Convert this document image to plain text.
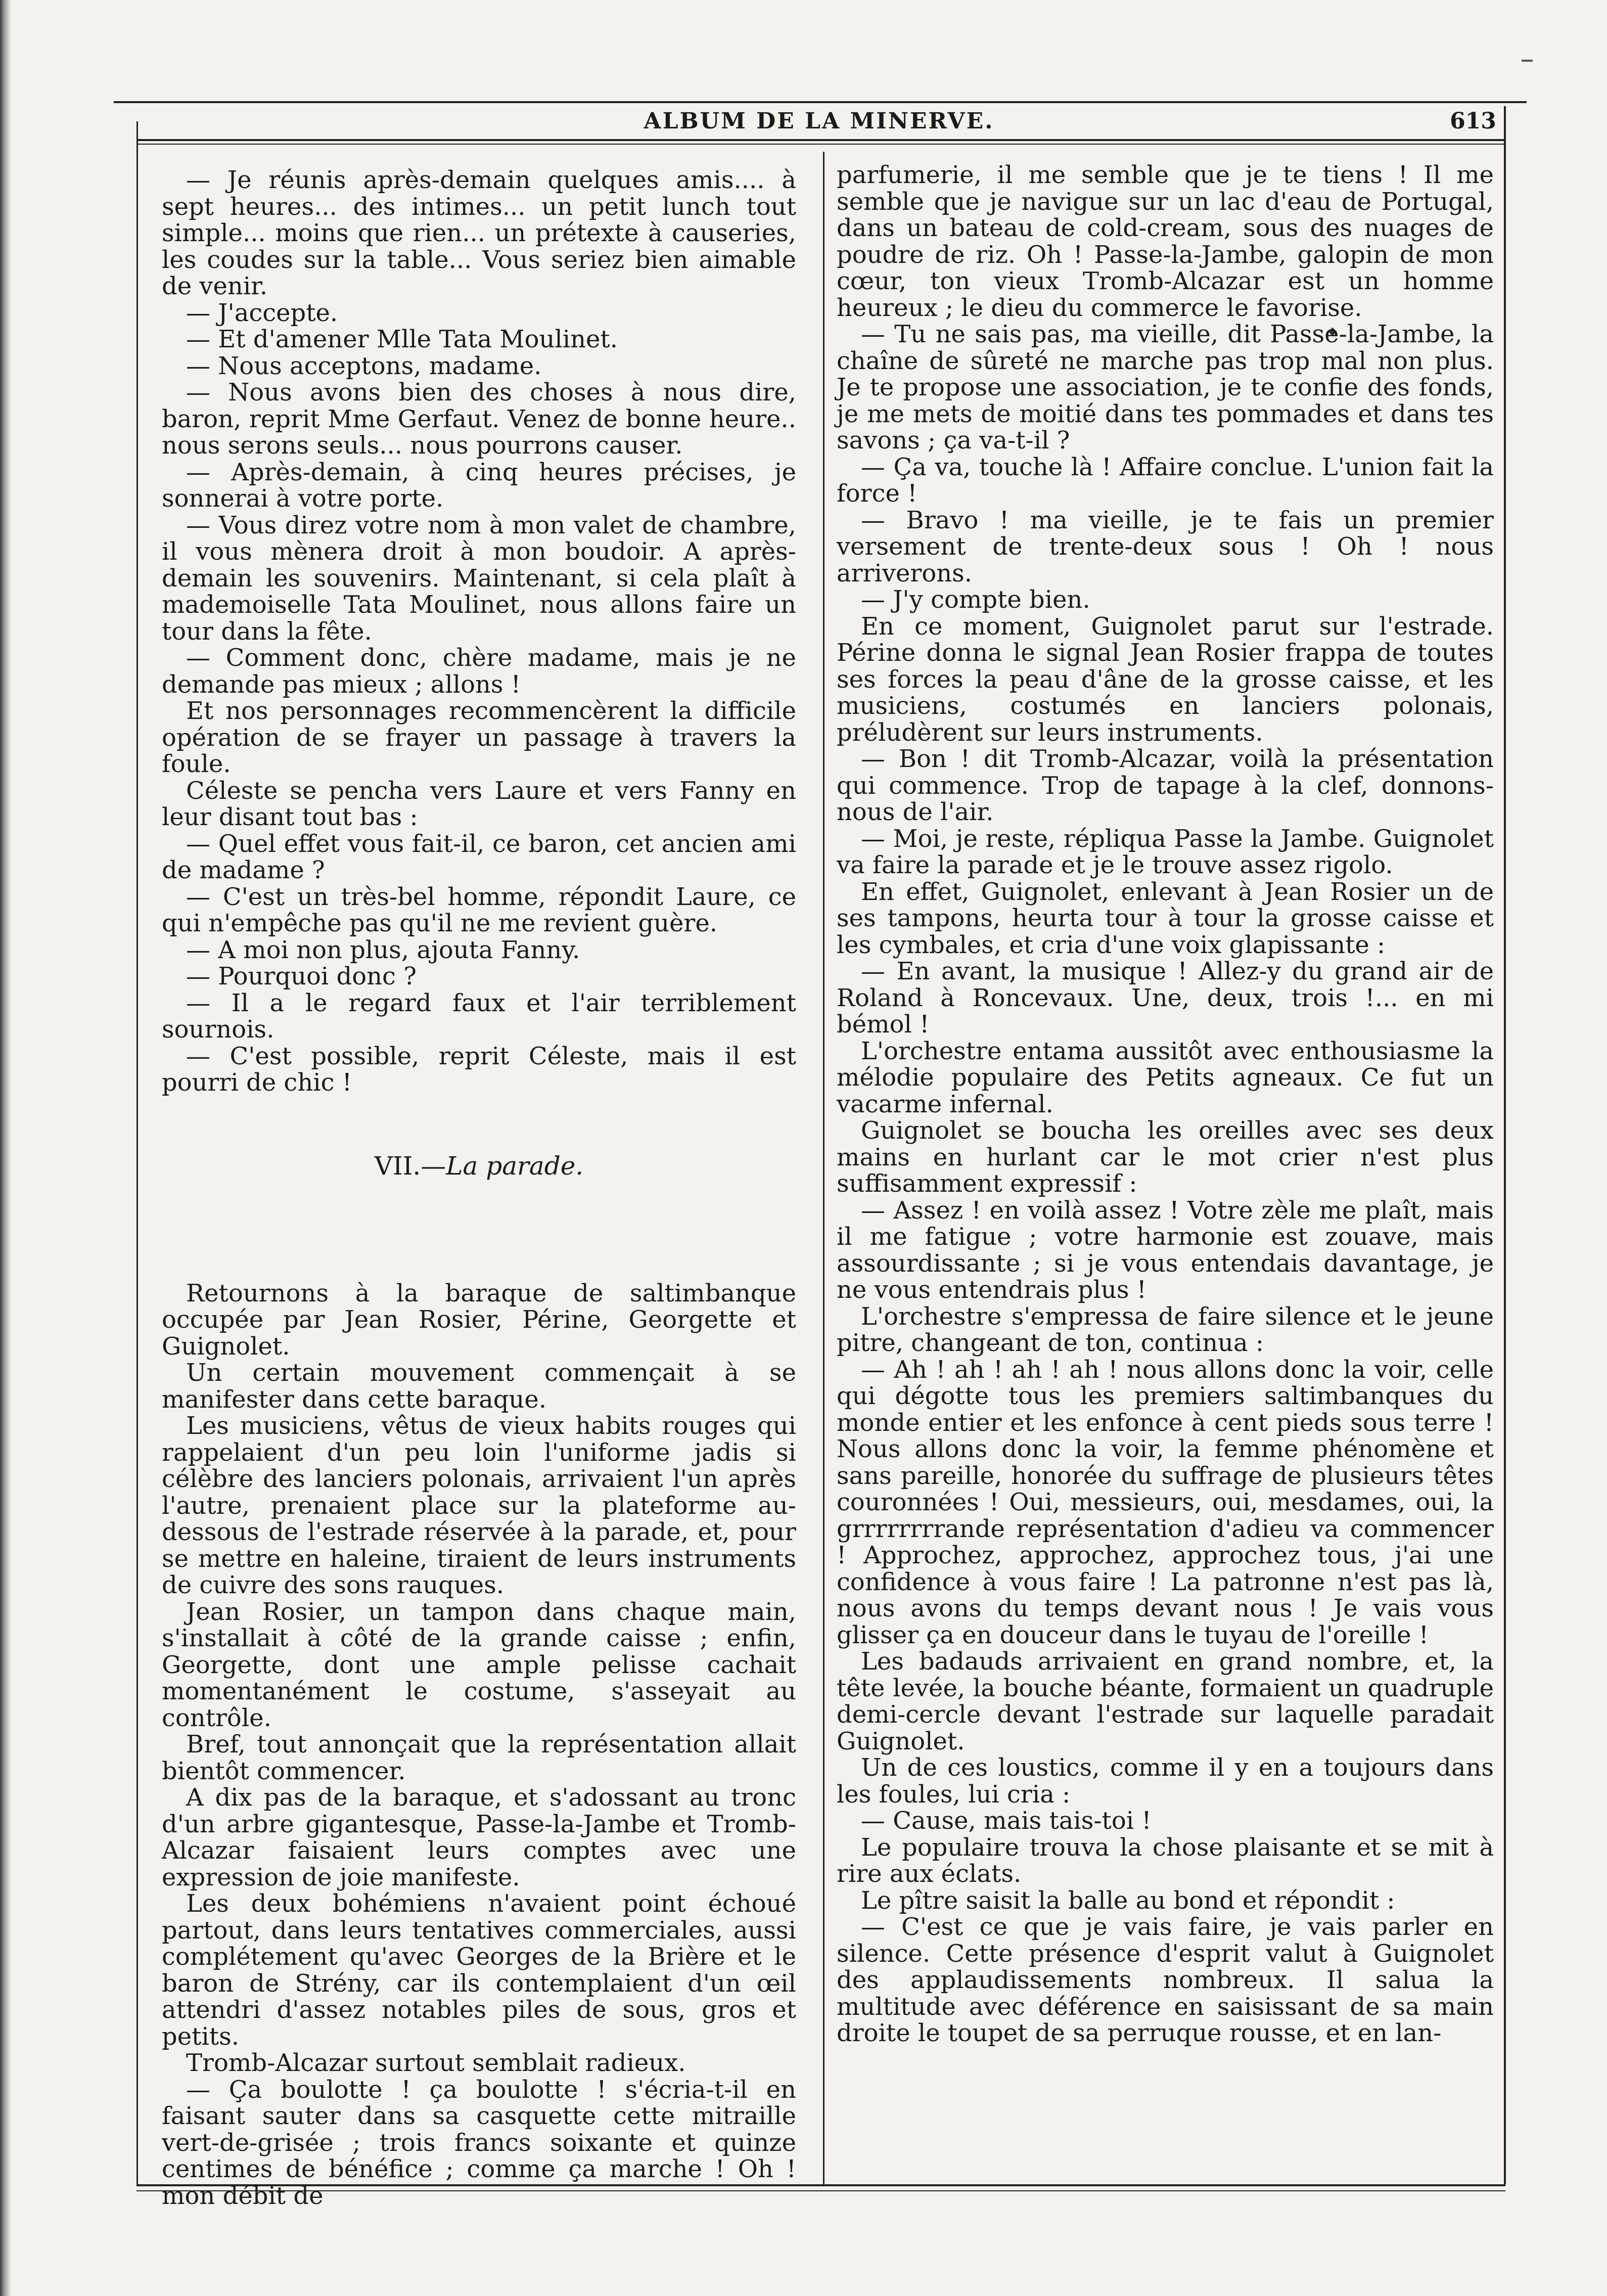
ALBUM DE LA MINERVE.	613

— Je réunis après-demain quelques amis.... à sept heures... des intimes... un petit lunch tout simple... moins que rien... un prétexte à causeries, les coudes sur la table... Vous seriez bien aimable de venir.

— J'accepte.

— Et d'amener Mlle Tata Moulinet.

— Nous acceptons, madame.

— Nous avons bien des choses à nous dire, baron, reprit Mme Gerfaut. Venez de bonne heure.. nous serons seuls... nous pourrons causer.

— Après-demain, à cinq heures précises, je sonnerai à votre porte.

— Vous direz votre nom à mon valet de chambre, il vous mènera droit à mon boudoir. A après-demain les souvenirs. Maintenant, si cela plaît à mademoiselle Tata Moulinet, nous allons faire un tour dans la fête.

— Comment donc, chère madame, mais je ne demande pas mieux ; allons !

Et nos personnages recommencèrent la difficile opération de se frayer un passage à travers la foule.

Céleste se pencha vers Laure et vers Fanny en leur disant tout bas :

— Quel effet vous fait-il, ce baron, cet ancien ami de madame ?

— C'est un très-bel homme, répondit Laure, ce qui n'empêche pas qu'il ne me revient guère.

— A moi non plus, ajouta Fanny.

— Pourquoi donc ?

— Il a le regard faux et l'air terriblement sournois.

— C'est possible, reprit Céleste, mais il est pourri de chic !

VII.—La parade.

Retournons à la baraque de saltimbanque occupée par Jean Rosier, Périne, Georgette et Guignolet.

Un certain mouvement commençait à se manifester dans cette baraque.

Les musiciens, vêtus de vieux habits rouges qui rappelaient d'un peu loin l'uniforme jadis si célèbre des lanciers polonais, arrivaient l'un après l'autre, prenaient place sur la plateforme au-dessous de l'estrade réservée à la parade, et, pour se mettre en haleine, tiraient de leurs instruments de cuivre des sons rauques.

Jean Rosier, un tampon dans chaque main, s'installait à côté de la grande caisse ; enfin, Georgette, dont une ample pelisse cachait momentanément le costume, s'asseyait au contrôle.

Bref, tout annonçait que la représentation allait bientôt commencer.

A dix pas de la baraque, et s'adossant au tronc d'un arbre gigantesque, Passe-la-Jambe et Tromb-Alcazar faisaient leurs comptes avec une expression de joie manifeste.

Les deux bohémiens n'avaient point échoué partout, dans leurs tentatives commerciales, aussi complétement qu'avec Georges de la Brière et le baron de Strény, car ils contemplaient d'un œil attendri d'assez notables piles de sous, gros et petits.

Tromb-Alcazar surtout semblait radieux.

— Ça boulotte ! ça boulotte ! s'écria-t-il en faisant sauter dans sa casquette cette mitraille vert-de-grisée ; trois francs soixante et quinze centimes de bénéfice ; comme ça marche ! Oh ! mon débit de

parfumerie, il me semble que je te tiens ! Il me semble que je navigue sur un lac d'eau de Portugal, dans un bateau de cold-cream, sous des nuages de poudre de riz. Oh ! Passe-la-Jambe, galopin de mon cœur, ton vieux Tromb-Alcazar est un homme heureux ; le dieu du commerce le favorise.

— Tu ne sais pas, ma vieille, dit Passe-la-Jambe, la chaîne de sûreté ne marche pas trop mal non plus. Je te propose une association, je te confie des fonds, je me mets de moitié dans tes pommades et dans tes savons ; ça va-t-il ?

— Ça va, touche là ! Affaire conclue. L'union fait la force !

— Bravo ! ma vieille, je te fais un premier versement de trente-deux sous ! Oh ! nous arriverons.

— J'y compte bien.

En ce moment, Guignolet parut sur l'estrade. Périne donna le signal Jean Rosier frappa de toutes ses forces la peau d'âne de la grosse caisse, et les musiciens, costumés en lanciers polonais, préludèrent sur leurs instruments.

— Bon ! dit Tromb-Alcazar, voilà la présentation qui commence. Trop de tapage à la clef, donnons-nous de l'air.

— Moi, je reste, répliqua Passe la Jambe. Guignolet va faire la parade et je le trouve assez rigolo.

En effet, Guignolet, enlevant à Jean Rosier un de ses tampons, heurta tour à tour la grosse caisse et les cymbales, et cria d'une voix glapissante :

— En avant, la musique ! Allez-y du grand air de Roland à Roncevaux. Une, deux, trois !... en mi bémol !

L'orchestre entama aussitôt avec enthousiasme la mélodie populaire des Petits agneaux. Ce fut un vacarme infernal.

Guignolet se boucha les oreilles avec ses deux mains en hurlant car le mot crier n'est plus suffisamment expressif :

— Assez ! en voilà assez ! Votre zèle me plaît, mais il me fatigue ; votre harmonie est zouave, mais assourdissante ; si je vous entendais davantage, je ne vous entendrais plus !

L'orchestre s'empressa de faire silence et le jeune pitre, changeant de ton, continua :

— Ah ! ah ! ah ! ah ! nous allons donc la voir, celle qui dégotte tous les premiers saltimbanques du monde entier et les enfonce à cent pieds sous terre ! Nous allons donc la voir, la femme phénomène et sans pareille, honorée du suffrage de plusieurs têtes couronnées ! Oui, messieurs, oui, mesdames, oui, la grrrrrrrrande représentation d'adieu va commencer ! Approchez, approchez, approchez tous, j'ai une confidence à vous faire ! La patronne n'est pas là, nous avons du temps devant nous ! Je vais vous glisser ça en douceur dans le tuyau de l'oreille !

Les badauds arrivaient en grand nombre, et, la tête levée, la bouche béante, formaient un quadruple demi-cercle devant l'estrade sur laquelle paradait Guignolet.

Un de ces loustics, comme il y en a toujours dans les foules, lui cria :

— Cause, mais tais-toi !

Le populaire trouva la chose plaisante et se mit à rire aux éclats.

Le pître saisit la balle au bond et répondit :

— C'est ce que je vais faire, je vais parler en silence. Cette présence d'esprit valut à Guignolet des applaudissements nombreux. Il salua la multitude avec déférence en saisissant de sa main droite le toupet de sa perruque rousse, et en lan-
